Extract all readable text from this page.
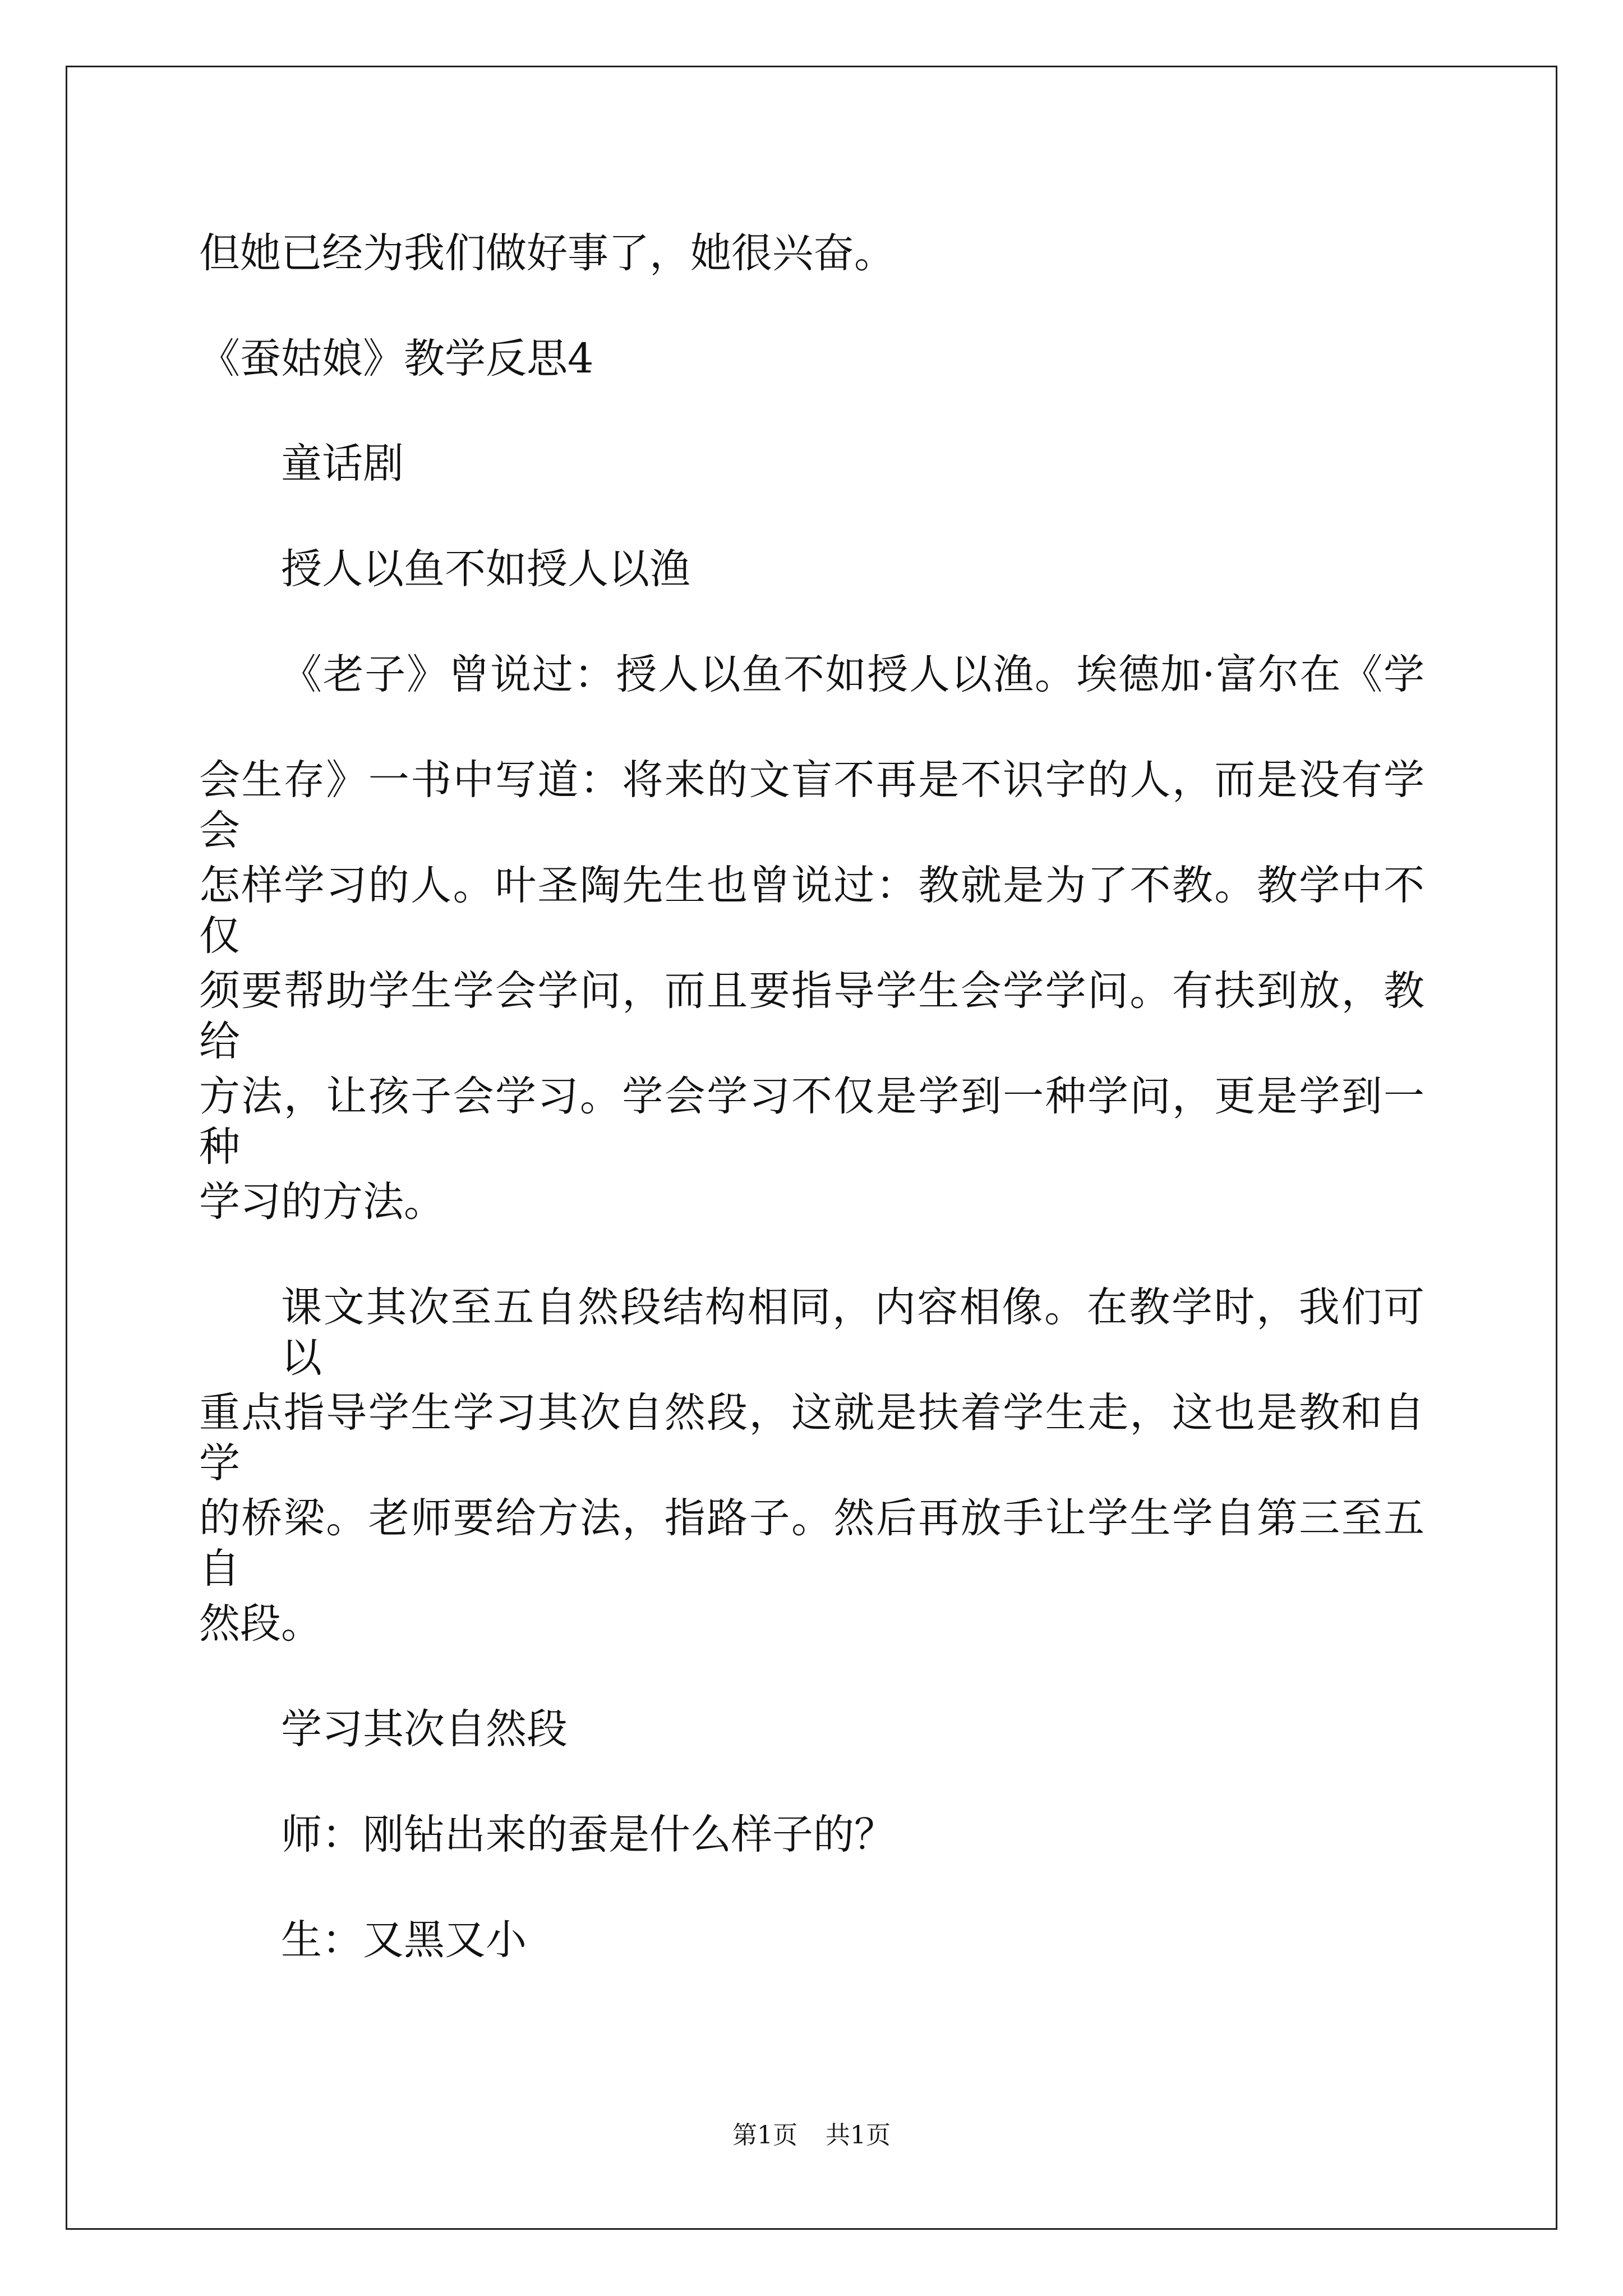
但她已经为我们做好事了，她很兴奋。
《蚕姑娘》教学反思4
童话剧
授人以鱼不如授人以渔
《老子》曾说过：授人以鱼不如授人以渔。埃德加·富尔在《学
会生存》一书中写道：将来的文盲不再是不识字的人，而是没有学会
怎样学习的人。叶圣陶先生也曾说过：教就是为了不教。教学中不仅
须要帮助学生学会学问，而且要指导学生会学学问。有扶到放，教给
方法，让孩子会学习。学会学习不仅是学到一种学问，更是学到一种
学习的方法。
课文其次至五自然段结构相同，内容相像。在教学时，我们可以
重点指导学生学习其次自然段，这就是扶着学生走，这也是教和自学
的桥梁。老师要给方法，指路子。然后再放手让学生学自第三至五自
然段。
学习其次自然段
师：刚钻出来的蚕是什么样子的？
生：又黑又小
第1页 共1页
